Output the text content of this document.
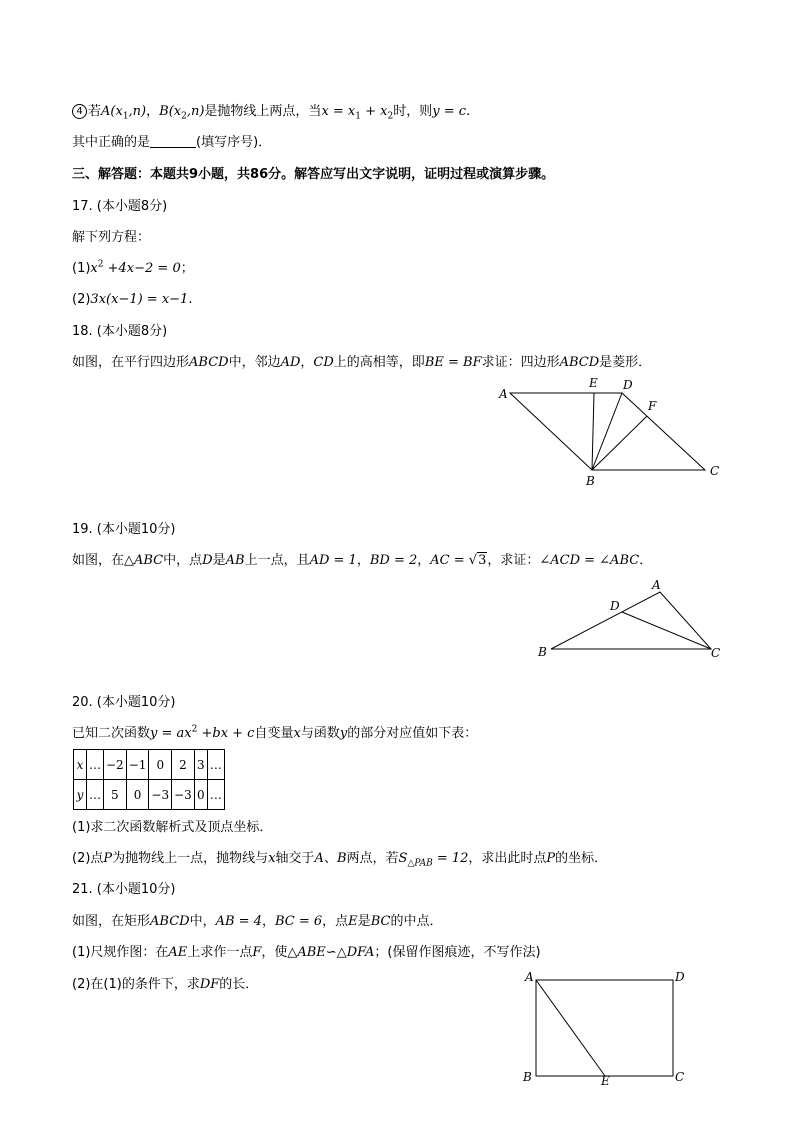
4 若$A(x_1,n)$，$B(x_2,n)$是抛物线上两点，当$x = x_1 + x_2$时，则y = c.
其中正确的是	(填写序号)．
三、解答题：本题共9小题，共86分。解答应写出文字说明，证明过程或演算步骤。
17. (本小题8分)
解下列方程：
$(1)x^2 +4x-2 = 0$；
(2)3x(x−1) = x−1.
18. (本小题8分)
如图，在平行四边形ABCD中，邻边AD，CD上的高相等，即BE = BF求证：四边形ABCD是菱形．
A
E D
F
B
C
19. (本小题10分)
如图，在△ABC中，点D是AB上一点，且AD = 1，BD = 2，AC = √3，求证：∠ACD = ∠ABC．
A
D
B	C
20. (本小题10分)
已知二次函数$y = ax^2 +bx + c$自变量x与函数y的部分对应值如下表：
x	…	−2	−1	0	2	3	…
y	…	5	0	−3	−3	0	…
(1)求二次函数解析式及顶点坐标．
(2)点P为抛物线上一点，抛物线与x轴交于A、B两点，若$S_{\triangle PAB} = 12$，求出此时点P的坐标．
21. (本小题10分)
如图，在矩形ABCD中，AB = 4，BC = 6，点E是BC的中点．
(1)尺规作图：在AE上求作一点F，使△ABE∽△DFA；(保留作图痕迹，不写作法)
(2)在(1)的条件下，求DF的长．	A	D
B	E	C
